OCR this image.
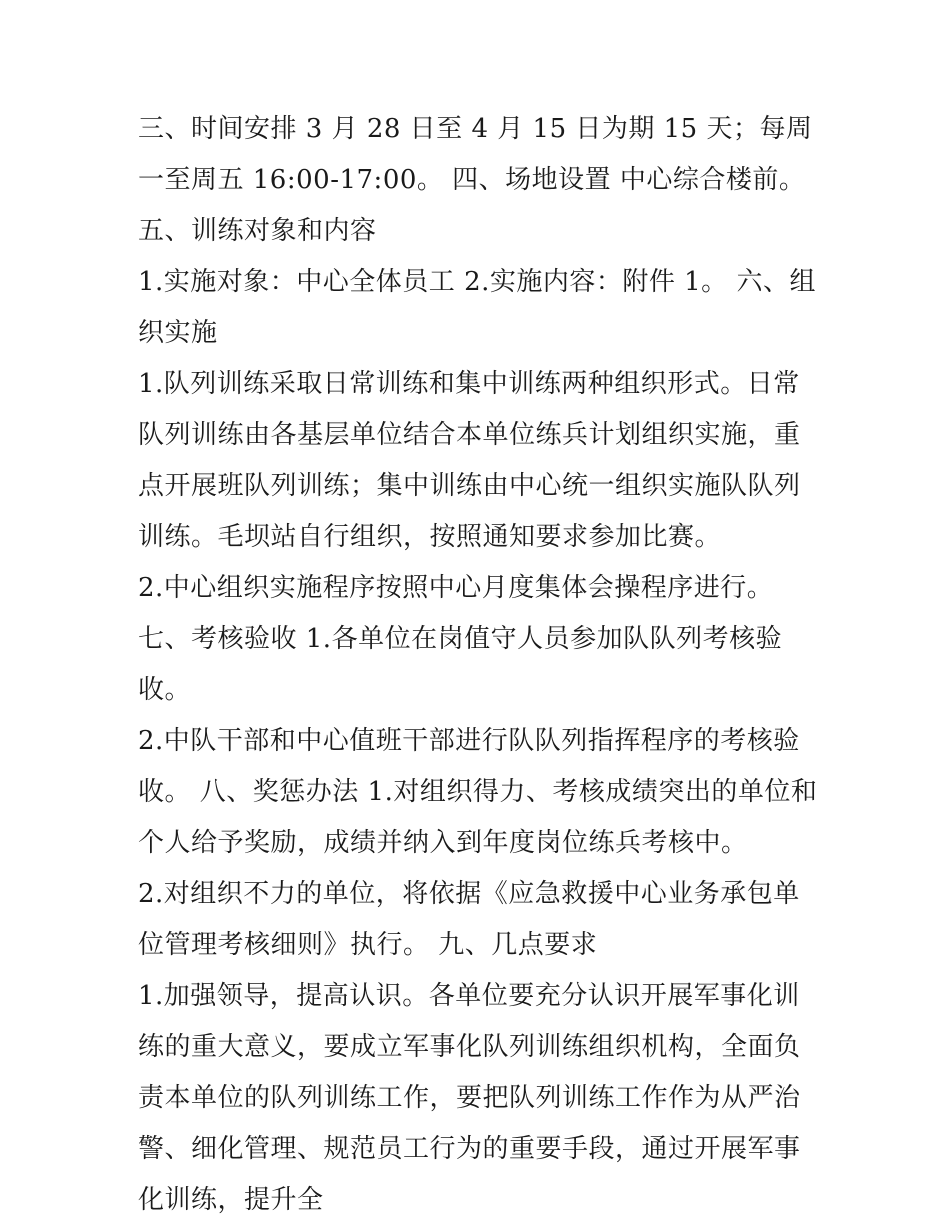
三、时间安排 3 月 28 日至 4 月 15 日为期 15 天；每周一至周五 16:00-17:00。 四、场地设置 中心综合楼前。 五、训练对象和内容

1.实施对象：中心全体员工 2.实施内容：附件 1。 六、组织实施

1.队列训练采取日常训练和集中训练两种组织形式。日常队列训练由各基层单位结合本单位练兵计划组织实施，重点开展班队列训练；集中训练由中心统一组织实施队队列训练。毛坝站自行组织，按照通知要求参加比赛。

2.中心组织实施程序按照中心月度集体会操程序进行。 七、考核验收 1.各单位在岗值守人员参加队队列考核验收。

2.中队干部和中心值班干部进行队队列指挥程序的考核验收。 八、奖惩办法 1.对组织得力、考核成绩突出的单位和个人给予奖励，成绩并纳入到年度岗位练兵考核中。

2.对组织不力的单位，将依据《应急救援中心业务承包单位管理考核细则》执行。 九、几点要求

1.加强领导，提高认识。各单位要充分认识开展军事化训练的重大意义，要成立军事化队列训练组织机构，全面负责本单位的队列训练工作，要把队列训练工作作为从严治警、细化管理、规范员工行为的重要手段，通过开展军事化训练，提升全
